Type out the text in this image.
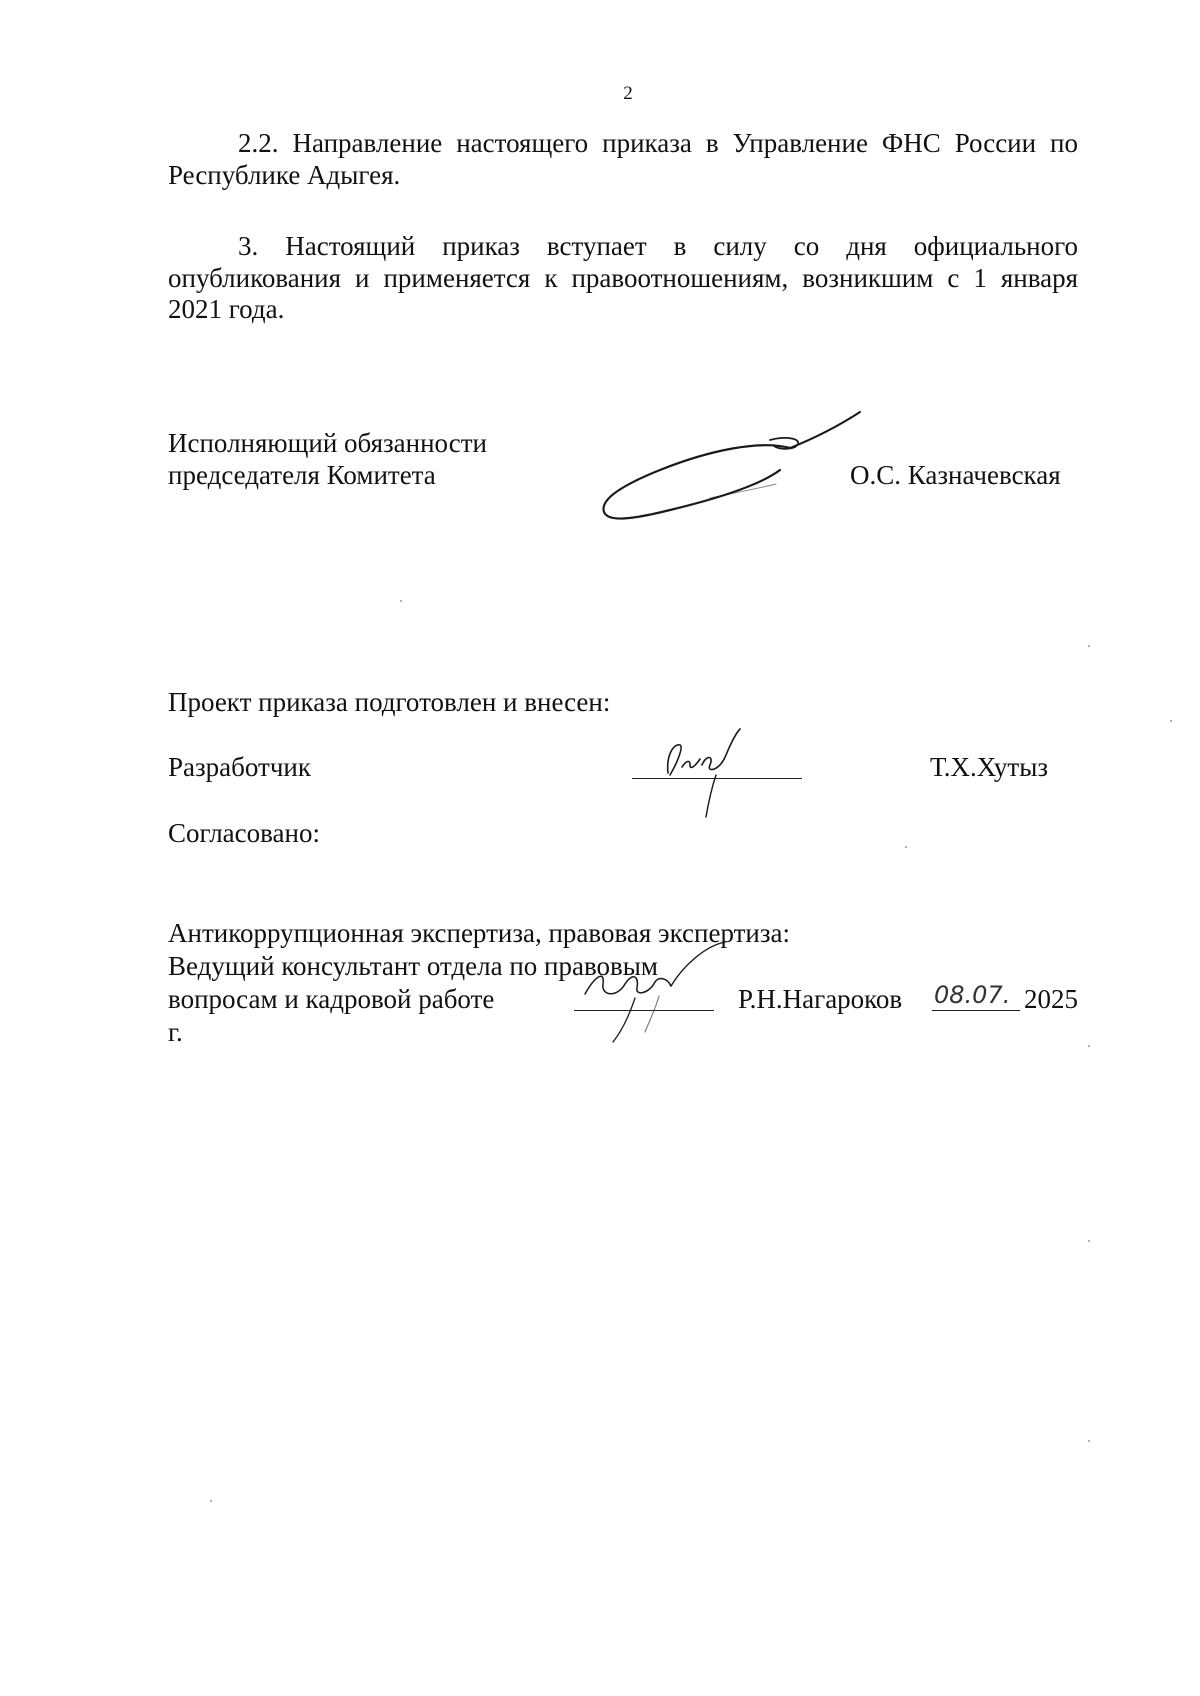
2
2.2. Направление настоящего приказа в Управление ФНС России по Республике Адыгея.
3. Настоящий приказ вступает в силу со дня официального опубликования и применяется к правоотношениям, возникшим с 1 января 2021 года.
Исполняющий обязанности
председателя Комитета	О.С. Казначевская
Проект приказа подготовлен и внесен:
Разработчик	Т.Х.Хутыз
Согласовано:
Антикоррупционная экспертиза, правовая экспертиза:
Ведущий консультант отдела по правовым
вопросам и кадровой работе	Р.Н.Нагароков 08.07. 2025
г.
